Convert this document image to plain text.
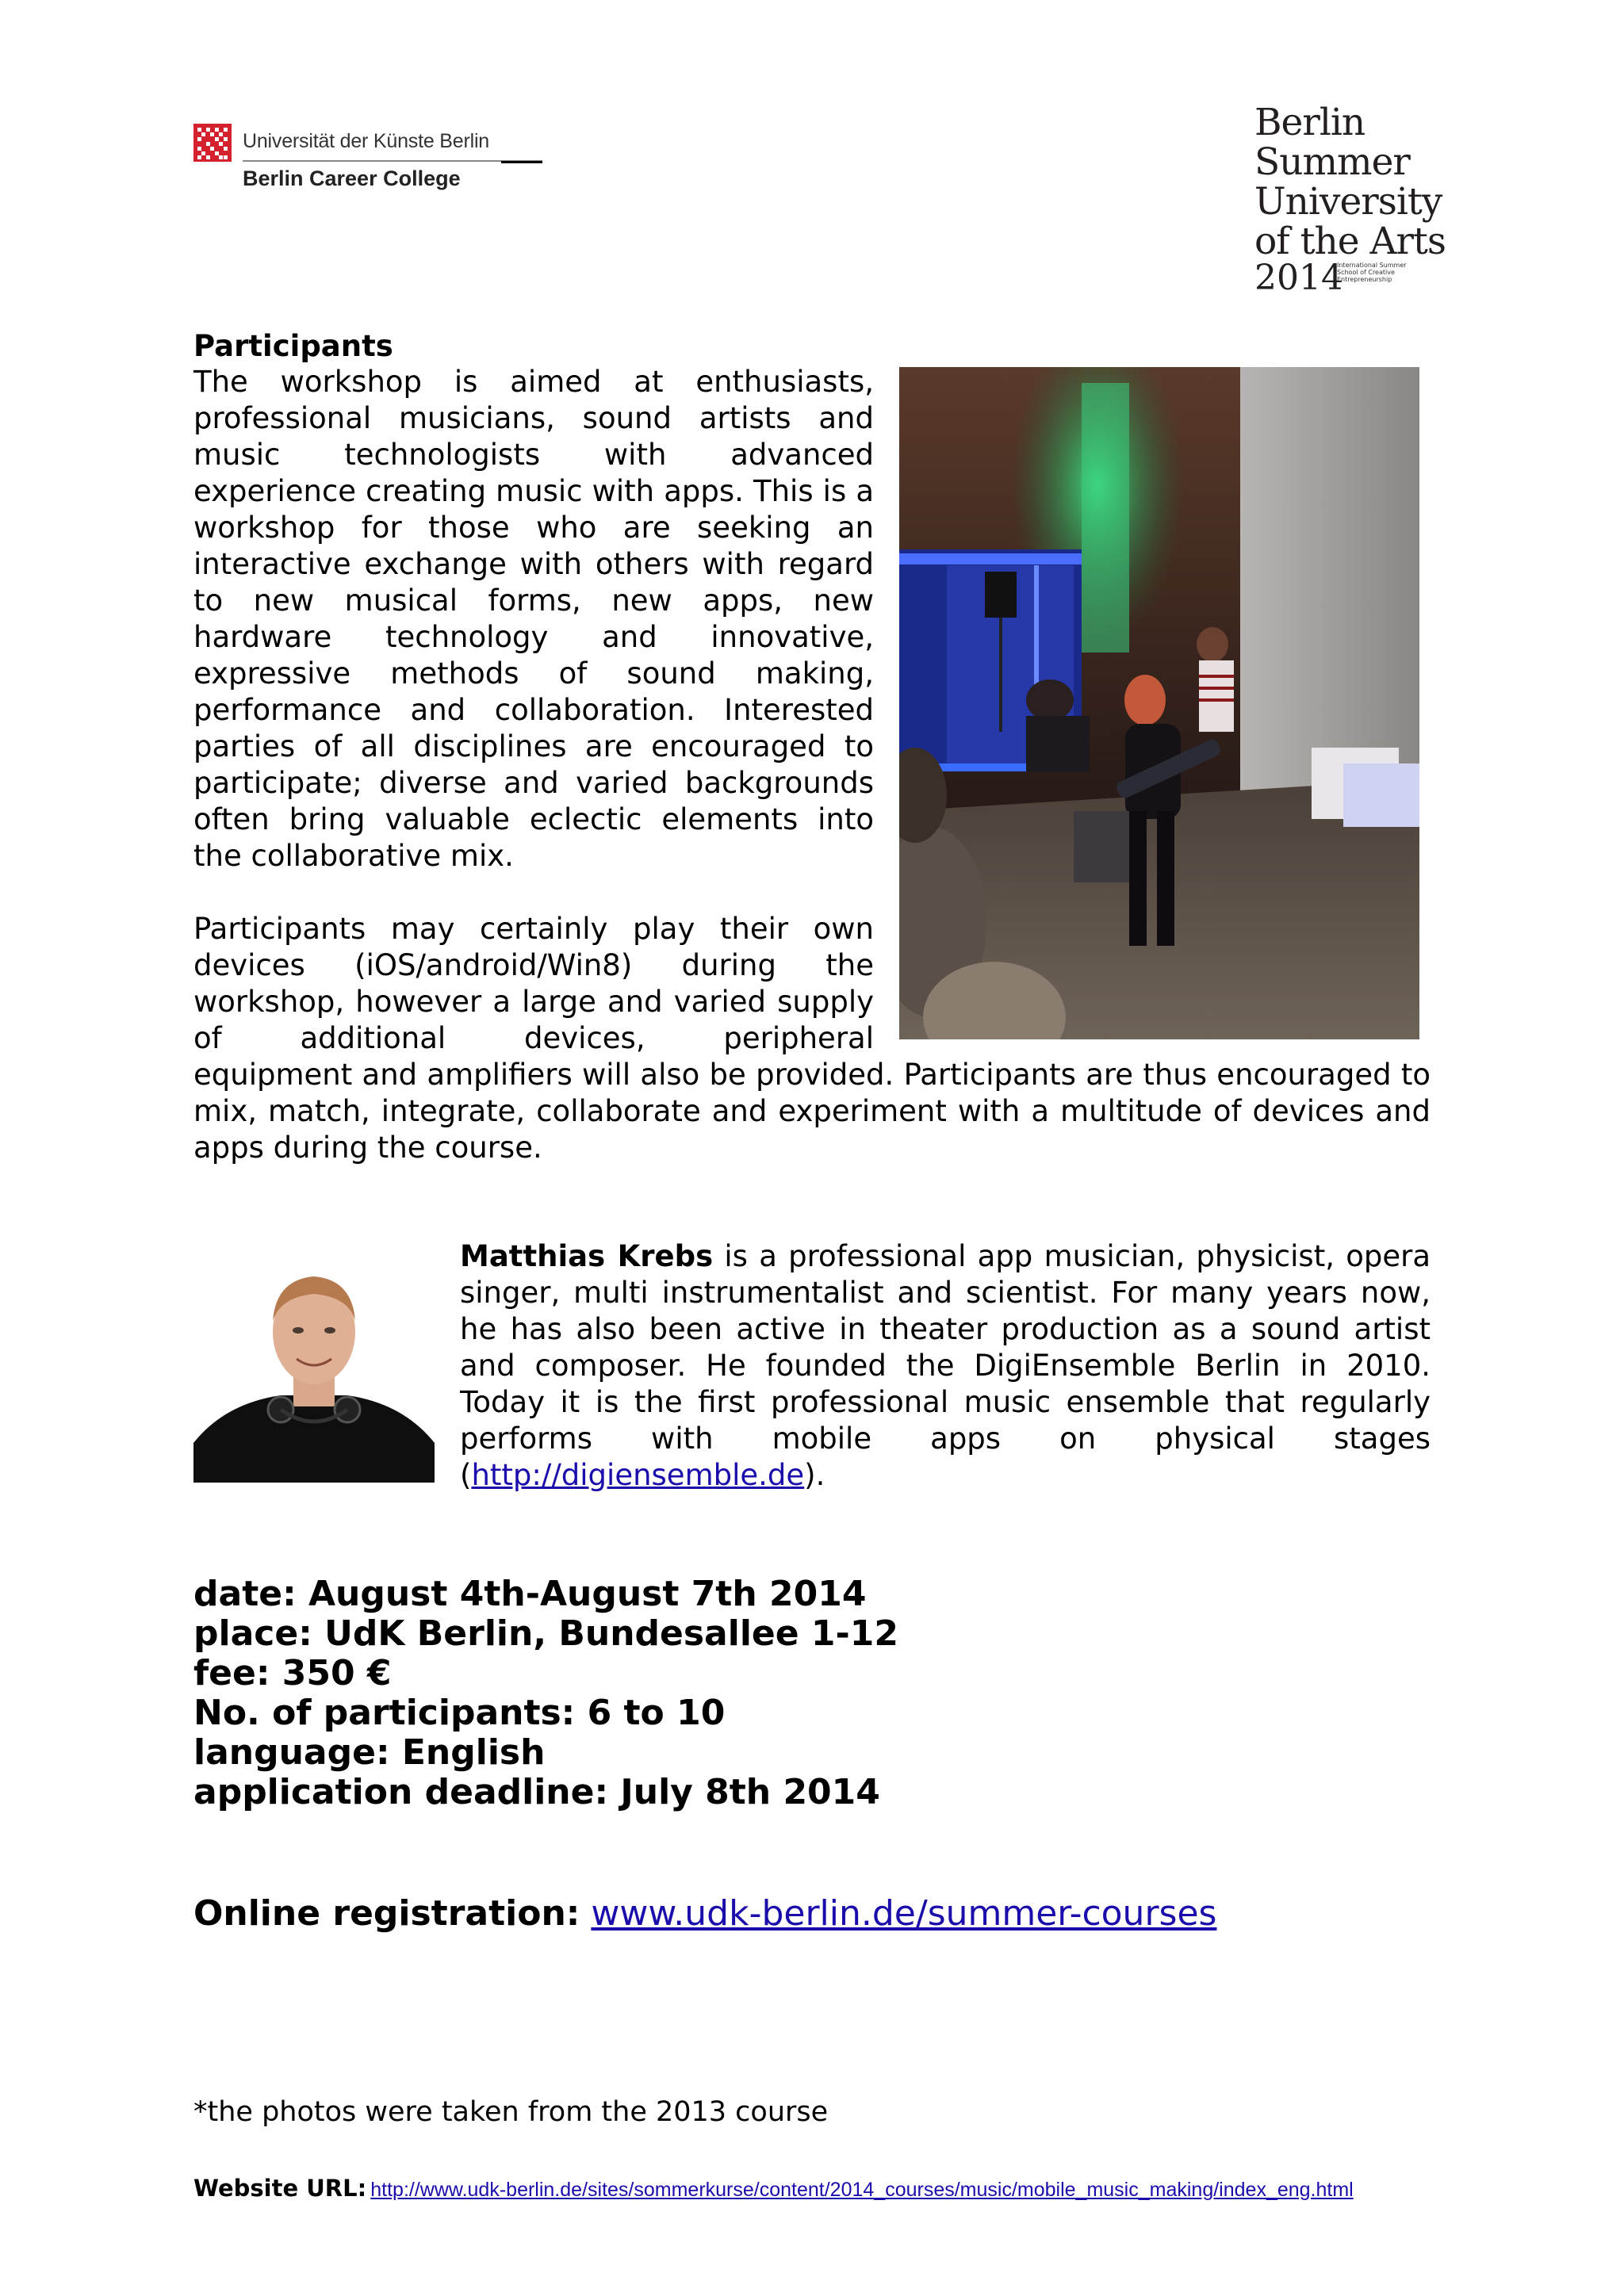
Universität der Künste Berlin
Berlin Career College
Berlin
Summer
University
of the Arts
2014
International Summer School of Creative Entrepreneurship
Participants
The workshop is aimed at enthusiasts, professional musicians, sound artists and music technologists with advanced experience creating music with apps. This is a workshop for those who are seeking an interactive exchange with others with regard to new musical forms, new apps, new hardware technology and innovative, expressive methods of sound making, performance and collaboration. Interested parties of all disciplines are encouraged to participate; diverse and varied backgrounds often bring valuable eclectic elements into the collaborative mix.
Participants may certainly play their own devices (iOS/android/Win8) during the workshop, however a large and varied supply of additional devices, peripheral
equipment and amplifiers will also be provided. Participants are thus encouraged to mix, match, integrate, collaborate and experiment with a multitude of devices and apps during the course.
Matthias Krebs is a professional app musician, physicist, opera singer, multi instrumentalist and scientist. For many years now, he has also been active in theater production as a sound artist and composer. He founded the DigiEnsemble Berlin in 2010. Today it is the first professional music ensemble that regularly performs with mobile apps on physical stages (http://digiensemble.de).
date: August 4th-August 7th 2014
place: UdK Berlin, Bundesallee 1-12
fee: 350 €
No. of participants: 6 to 10
language: English
application deadline: July 8th 2014
Online registration: www.udk-berlin.de/summer-courses
*the photos were taken from the 2013 course
Website URL: http://www.udk-berlin.de/sites/sommerkurse/content/2014_courses/music/mobile_music_making/index_eng.html
